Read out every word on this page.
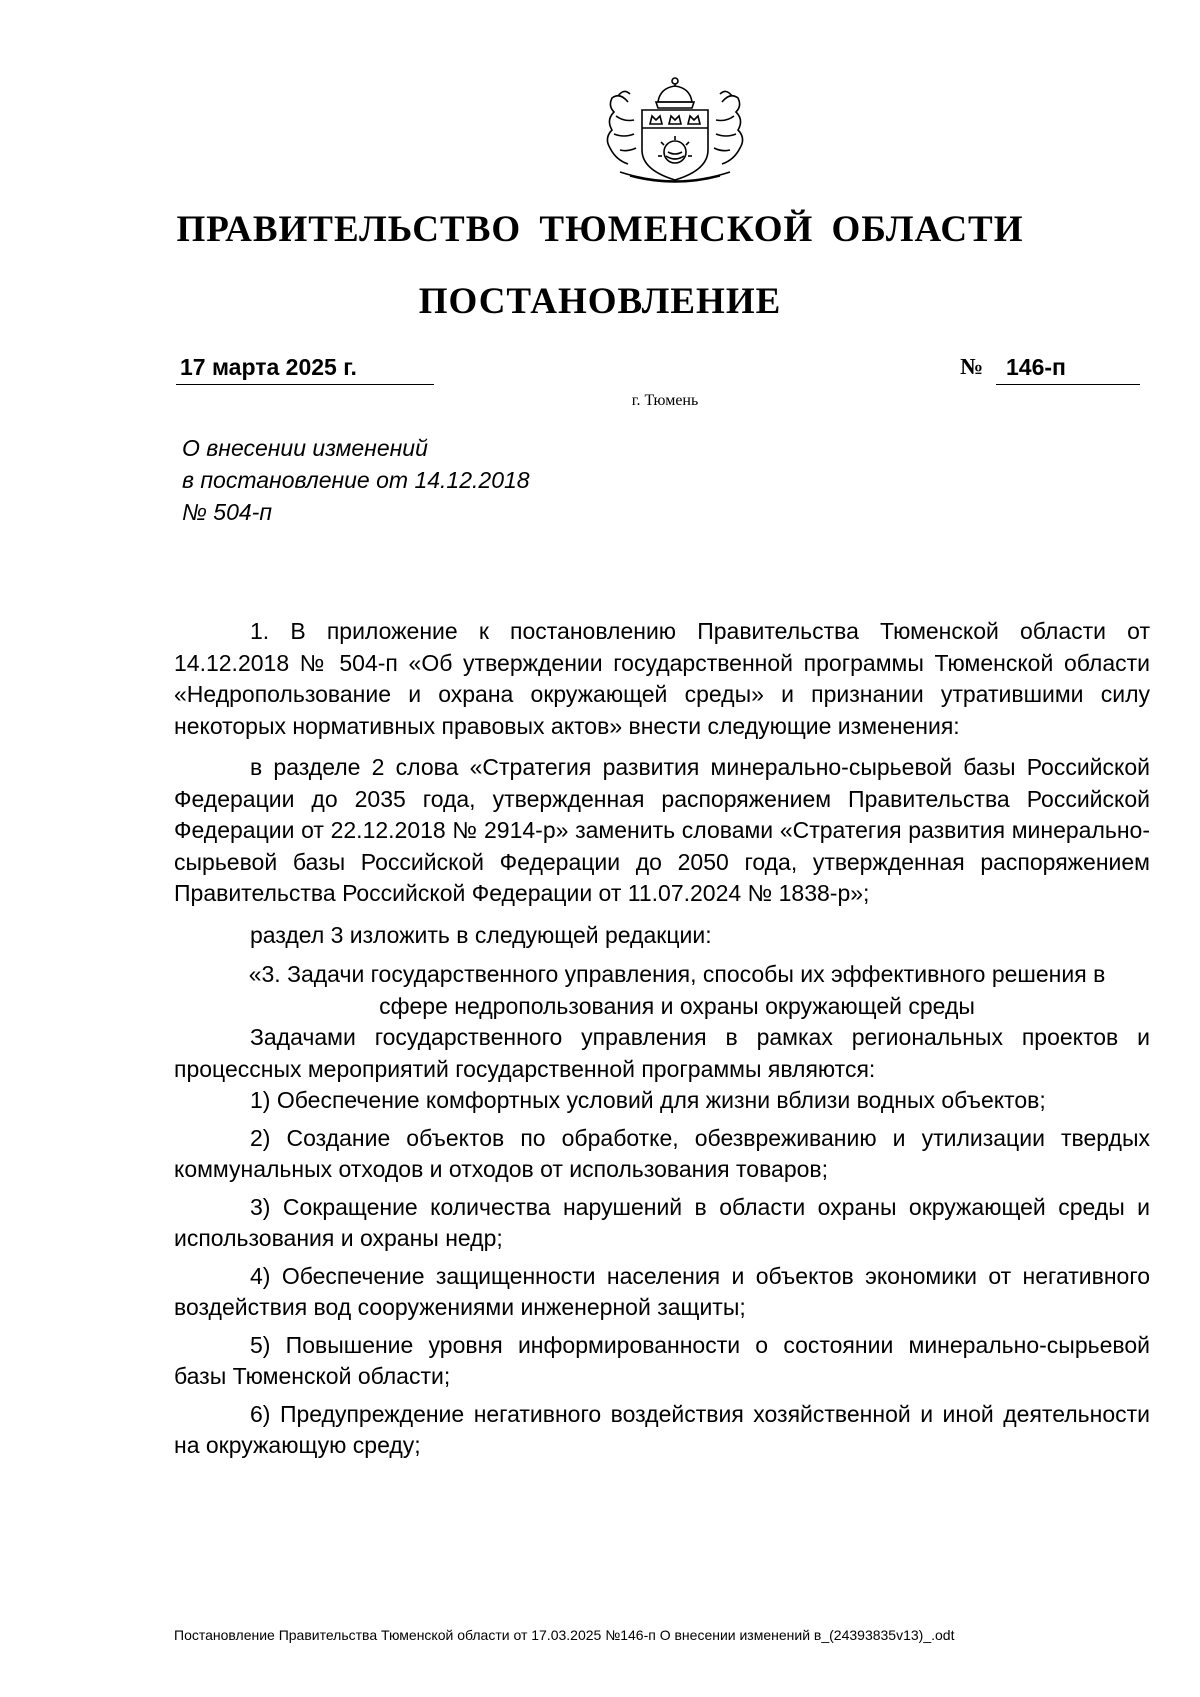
ПРАВИТЕЛЬСТВО ТЮМЕНСКОЙ ОБЛАСТИ
ПОСТАНОВЛЕНИЕ
17 марта 2025 г.	№ 146-п
г. Тюмень
О внесении изменений
в постановление от 14.12.2018
№ 504-п

1. В приложение к постановлению Правительства Тюменской области от 14.12.2018 № 504-п «Об утверждении государственной программы Тюменской области «Недропользование и охрана окружающей среды» и признании утратившими силу некоторых нормативных правовых актов» внести следующие изменения:

в разделе 2 слова «Стратегия развития минерально-сырьевой базы Российской Федерации до 2035 года, утвержденная распоряжением Правительства Российской Федерации от 22.12.2018 № 2914-р» заменить словами «Стратегия развития минерально-сырьевой базы Российской Федерации до 2050 года, утвержденная распоряжением Правительства Российской Федерации от 11.07.2024 № 1838-р»;

раздел 3 изложить в следующей редакции:

«3. Задачи государственного управления, способы их эффективного решения в сфере недропользования и охраны окружающей среды

Задачами государственного управления в рамках региональных проектов и процессных мероприятий государственной программы являются:

1) Обеспечение комфортных условий для жизни вблизи водных объектов;

2) Создание объектов по обработке, обезвреживанию и утилизации твердых коммунальных отходов и отходов от использования товаров;

3) Сокращение количества нарушений в области охраны окружающей среды и использования и охраны недр;

4) Обеспечение защищенности населения и объектов экономики от негативного воздействия вод сооружениями инженерной защиты;

5) Повышение уровня информированности о состоянии минерально-сырьевой базы Тюменской области;

6) Предупреждение негативного воздействия хозяйственной и иной деятельности на окружающую среду;

Постановление Правительства Тюменской области от 17.03.2025 №146-п О внесении изменений в_(24393835v13)_.odt
